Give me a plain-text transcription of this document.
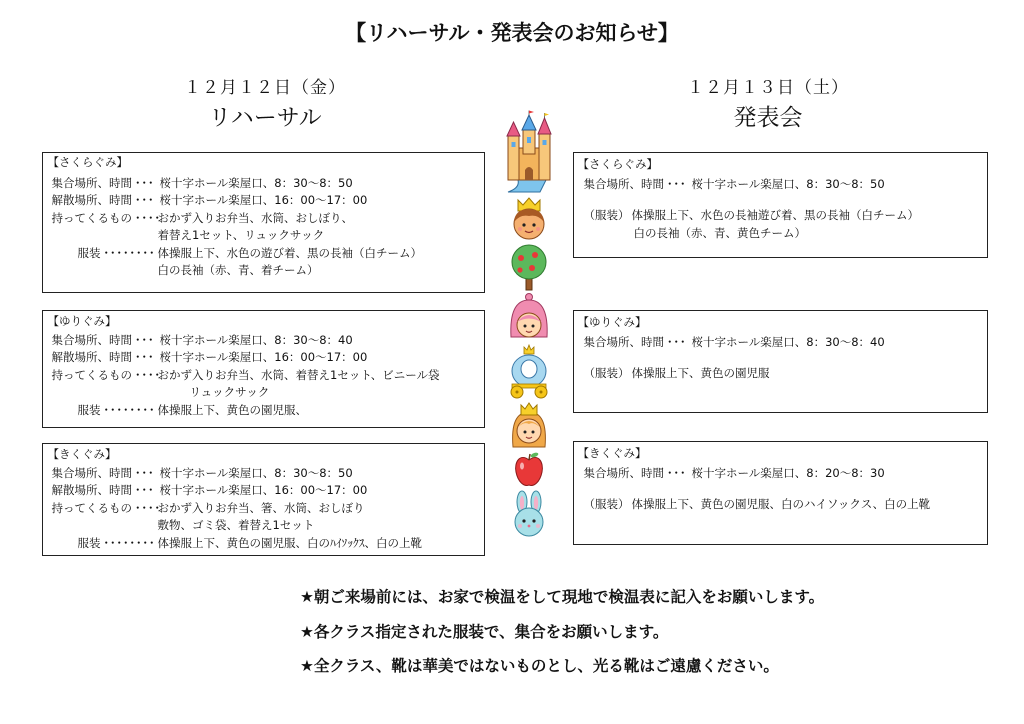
【リハーサル・発表会のお知らせ】
１２月１２日（金）
リハーサル
１２月１３日（土）
発表会
【さくらぐみ】
集合場所、時間・・・ 桜十字ホール楽屋口、8：30～8：50
解散場所、時間・・・ 桜十字ホール楽屋口、16：00～17：00
持ってくるもの・・・・おかず入りお弁当、水筒、おしぼり、
着替え1セット、リュックサック
服装・・・・・・・・ 体操服上下、水色の遊び着、黒の長袖（白チーム）
白の長袖（赤、青、着チーム）
【ゆりぐみ】
集合場所、時間・・・ 桜十字ホール楽屋口、8：30～8：40
解散場所、時間・・・ 桜十字ホール楽屋口、16：00～17：00
持ってくるもの・・・・おかず入りお弁当、水筒、着替え1セット、ビニール袋
リュックサック
服装・・・・・・・・ 体操服上下、黄色の園児服、
【きくぐみ】
集合場所、時間・・・ 桜十字ホール楽屋口、8：30～8：50
解散場所、時間・・・ 桜十字ホール楽屋口、16：00～17：00
持ってくるもの・・・・おかず入りお弁当、箸、水筒、おしぼり
敷物、ゴミ袋、着替え1セット
服装・・・・・・・・ 体操服上下、黄色の園児服、白のﾊｲｿｯｸｽ、白の上靴
【さくらぐみ】
集合場所、時間・・・ 桜十字ホール楽屋口、8：30～8：50
（服装） 体操服上下、水色の長袖遊び着、黒の長袖（白チーム）
白の長袖（赤、青、黄色チーム）
【ゆりぐみ】
集合場所、時間・・・ 桜十字ホール楽屋口、8：30～8：40
（服装） 体操服上下、黄色の園児服
【きくぐみ】
集合場所、時間・・・ 桜十字ホール楽屋口、8：20～8：30
（服装） 体操服上下、黄色の園児服、白のハイソックス、白の上靴
★朝ご来場前には、お家で検温をして現地で検温表に記入をお願いします。
★各クラス指定された服装で、集合をお願いします。
★全クラス、靴は華美ではないものとし、光る靴はご遠慮ください。
